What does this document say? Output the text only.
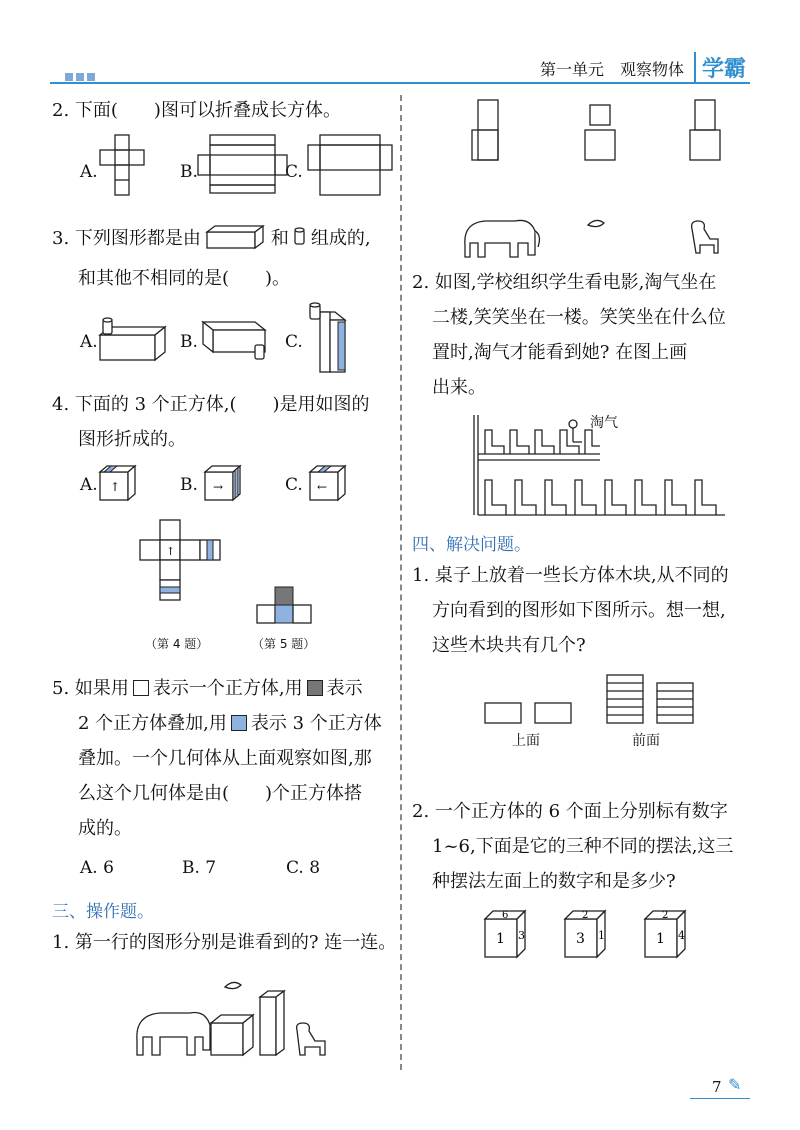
第一单元　观察物体 学霸
2. 下面(　　)图可以折叠成长方体。
A.	B.	C.
3. 下列图形都是由	和 组成的,
和其他不相同的是(　　)。
A.	B.	C.
4. 下面的 3 个正方体,(　　)是用如图的
图形折成的。
A.	B.	C.
↑	→	←
↑
（第 4 题）	（第 5 题）
5. 如果用 表示一个正方体,用 表示
2 个正方体叠加,用 表示 3 个正方体
叠加。一个几何体从上面观察如图,那
么这个几何体是由(　　)个正方体搭
成的。
A. 6	B. 7	C. 8
三、操作题。
1. 第一行的图形分别是谁看到的? 连一连。
2. 如图,学校组织学生看电影,淘气坐在
二楼,笑笑坐在一楼。笑笑坐在什么位
置时,淘气才能看到她? 在图上画
出来。
淘气
四、解决问题。
1. 桌子上放着一些长方体木块,从不同的
方向看到的图形如下图所示。想一想,
这些木块共有几个?
上面	前面
2. 一个正方体的 6 个面上分别标有数字
1~6,下面是它的三种不同的摆法,这三
种摆法左面上的数字和是多少?
6
1 3
2
3 1
2
1 4
7 ✎
